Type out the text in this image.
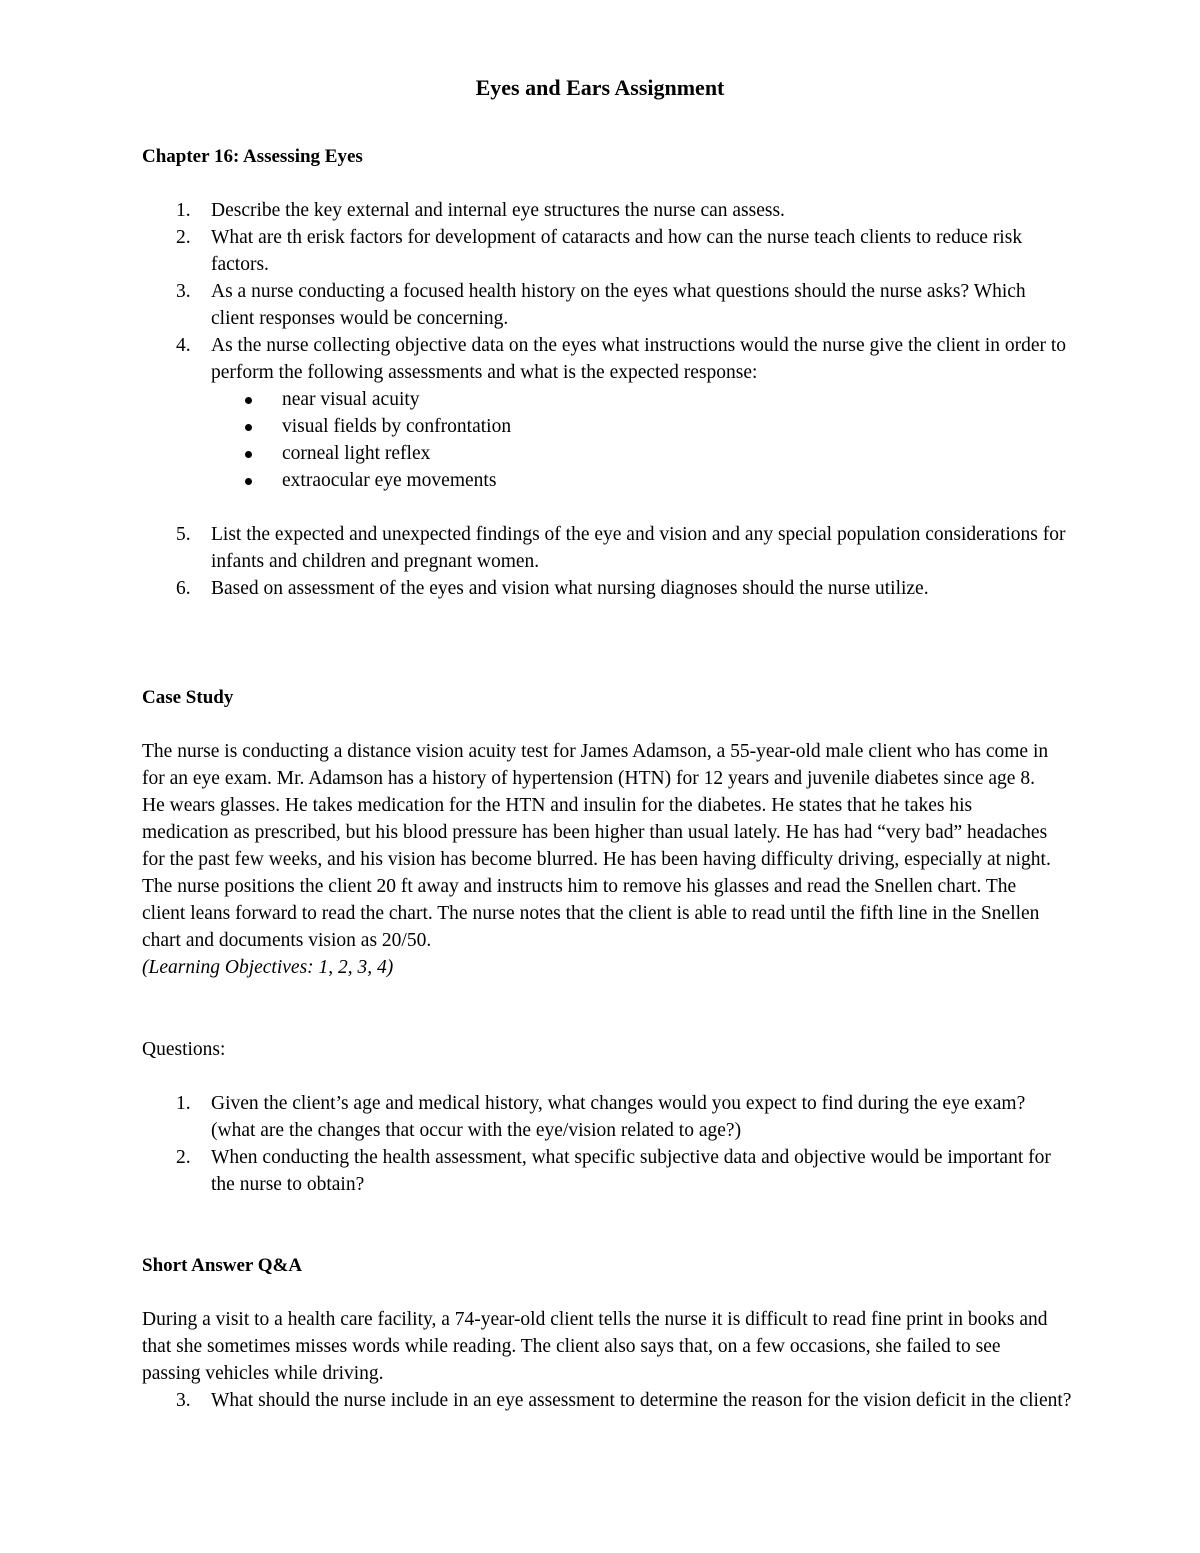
Eyes and Ears Assignment
Chapter 16: Assessing Eyes
1. Describe the key external and internal eye structures the nurse can assess.
2. What are th erisk factors for development of cataracts and how can the nurse teach clients to reduce risk factors.
3. As a nurse conducting a focused health history on the eyes what questions should the nurse asks? Which client responses would be concerning.
4. As the nurse collecting objective data on the eyes what instructions would the nurse give the client in order to perform the following assessments and what is the expected response:
near visual acuity
visual fields by confrontation
corneal light reflex
extraocular eye movements
5. List the expected and unexpected findings of the eye and vision and any special population considerations for infants and children and pregnant women.
6. Based on assessment of the eyes and vision what nursing diagnoses should the nurse utilize.
Case Study
The nurse is conducting a distance vision acuity test for James Adamson, a 55-year-old male client who has come in for an eye exam. Mr. Adamson has a history of hypertension (HTN) for 12 years and juvenile diabetes since age 8. He wears glasses. He takes medication for the HTN and insulin for the diabetes. He states that he takes his medication as prescribed, but his blood pressure has been higher than usual lately. He has had “very bad” headaches for the past few weeks, and his vision has become blurred. He has been having difficulty driving, especially at night. The nurse positions the client 20 ft away and instructs him to remove his glasses and read the Snellen chart. The client leans forward to read the chart. The nurse notes that the client is able to read until the fifth line in the Snellen chart and documents vision as 20/50.
(Learning Objectives: 1, 2, 3, 4)
Questions:
1. Given the client’s age and medical history, what changes would you expect to find during the eye exam? (what are the changes that occur with the eye/vision related to age?)
2. When conducting the health assessment, what specific subjective data and objective would be important for the nurse to obtain?
Short Answer Q&A
During a visit to a health care facility, a 74-year-old client tells the nurse it is difficult to read fine print in books and that she sometimes misses words while reading. The client also says that, on a few occasions, she failed to see passing vehicles while driving.
3. What should the nurse include in an eye assessment to determine the reason for the vision deficit in the client?
